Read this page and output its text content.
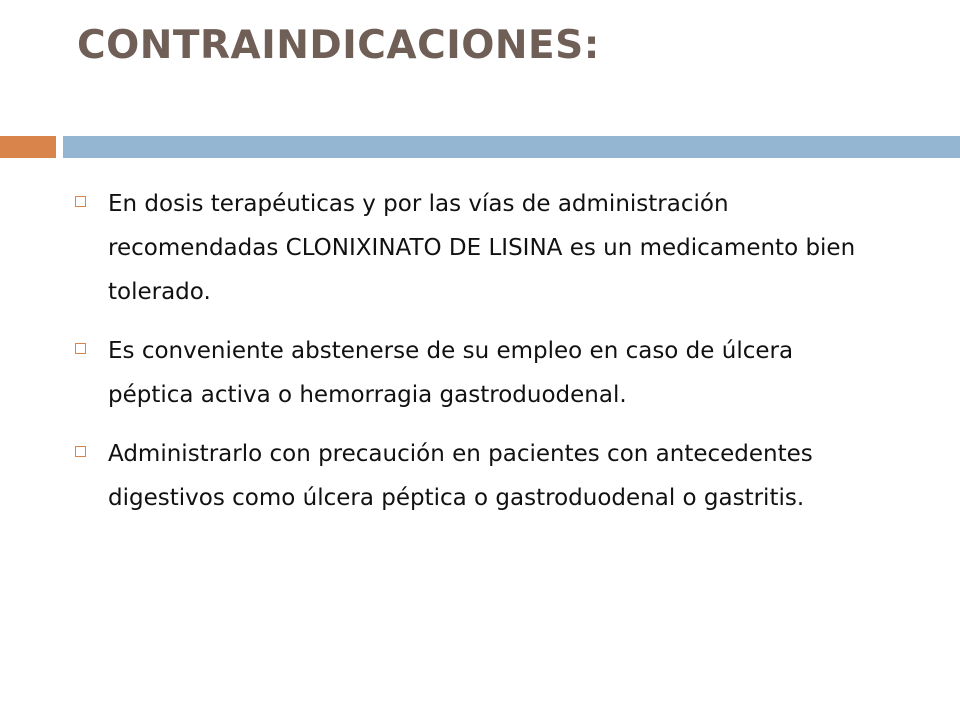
CONTRAINDICACIONES:
En dosis terapéuticas y por las vías de administración recomendadas CLONIXINATO DE LISINA es un medicamento bien tolerado.
Es conveniente abstenerse de su empleo en caso de úlcera péptica activa o hemorragia gastroduodenal.
Administrarlo con precaución en pacientes con antecedentes digestivos como úlcera péptica o gastroduodenal o gastritis.
